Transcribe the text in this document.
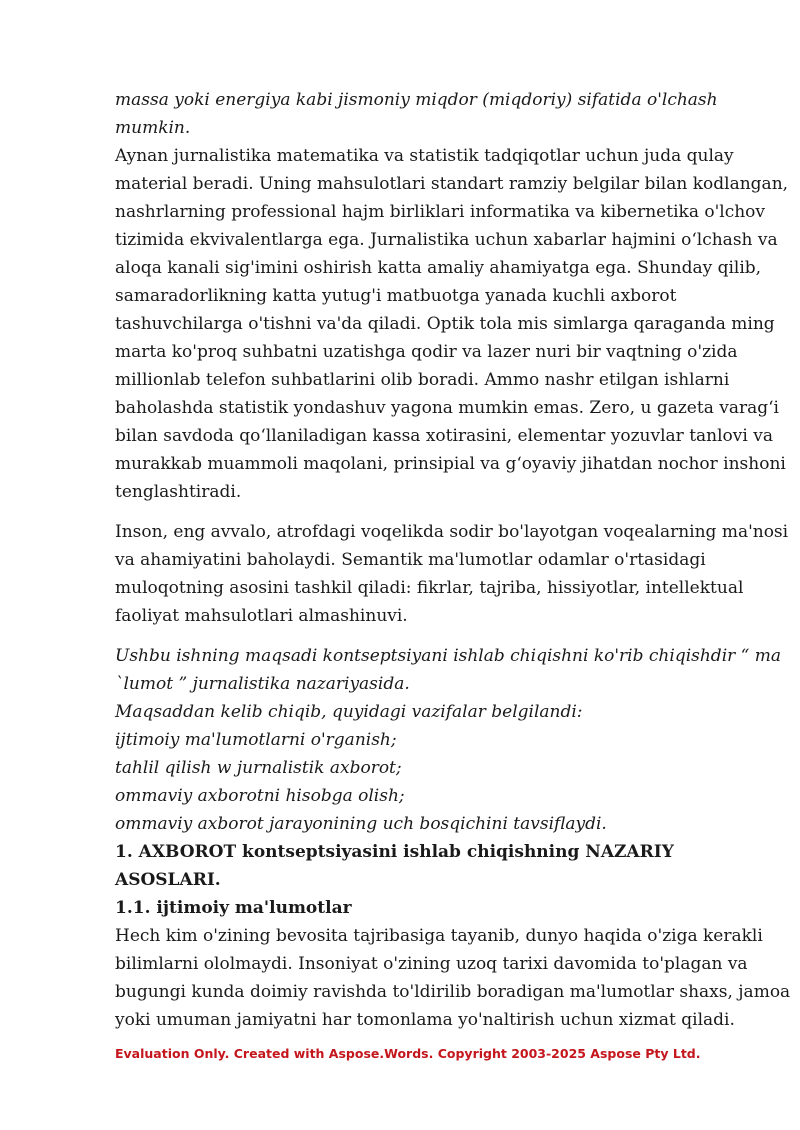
massa yoki energiya kabi jismoniy miqdor (miqdoriy) sifatida o'lchash
mumkin.
Aynan jurnalistika matematika va statistik tadqiqotlar uchun juda qulay
material beradi. Uning mahsulotlari standart ramziy belgilar bilan kodlangan,
nashrlarning professional hajm birliklari informatika va kibernetika o'lchov
tizimida ekvivalentlarga ega. Jurnalistika uchun xabarlar hajmini o‘lchash va
aloqa kanali sig'imini oshirish katta amaliy ahamiyatga ega. Shunday qilib,
samaradorlikning katta yutug'i matbuotga yanada kuchli axborot
tashuvchilarga o'tishni va'da qiladi. Optik tola mis simlarga qaraganda ming
marta ko'proq suhbatni uzatishga qodir va lazer nuri bir vaqtning o'zida
millionlab telefon suhbatlarini olib boradi. Ammo nashr etilgan ishlarni
baholashda statistik yondashuv yagona mumkin emas. Zero, u gazeta varag‘i
bilan savdoda qo‘llaniladigan kassa xotirasini, elementar yozuvlar tanlovi va
murakkab muammoli maqolani, prinsipial va g‘oyaviy jihatdan nochor inshoni
tenglashtiradi.
Inson, eng avvalo, atrofdagi voqelikda sodir bo'layotgan voqealarning ma'nosi
va ahamiyatini baholaydi. Semantik ma'lumotlar odamlar o'rtasidagi
muloqotning asosini tashkil qiladi: fikrlar, tajriba, hissiyotlar, intellektual
faoliyat mahsulotlari almashinuvi.
Ushbu ishning maqsadi kontseptsiyani ishlab chiqishni ko'rib chiqishdir “ ma
`lumot ” jurnalistika nazariyasida.
Maqsaddan kelib chiqib, quyidagi vazifalar belgilandi:
ijtimoiy ma'lumotlarni o'rganish;
tahlil qilish w jurnalistik axborot;
ommaviy axborotni hisobga olish;
ommaviy axborot jarayonining uch bosqichini tavsiflaydi.
1. AXBOROT kontseptsiyasini ishlab chiqishning NAZARIY
ASOSLARI.
1.1. ijtimoiy ma'lumotlar
Hech kim o'zining bevosita tajribasiga tayanib, dunyo haqida o'ziga kerakli
bilimlarni ololmaydi. Insoniyat o'zining uzoq tarixi davomida to'plagan va
bugungi kunda doimiy ravishda to'ldirilib boradigan ma'lumotlar shaxs, jamoa
yoki umuman jamiyatni har tomonlama yo'naltirish uchun xizmat qiladi.
Evaluation Only. Created with Aspose.Words. Copyright 2003-2025 Aspose Pty Ltd.
